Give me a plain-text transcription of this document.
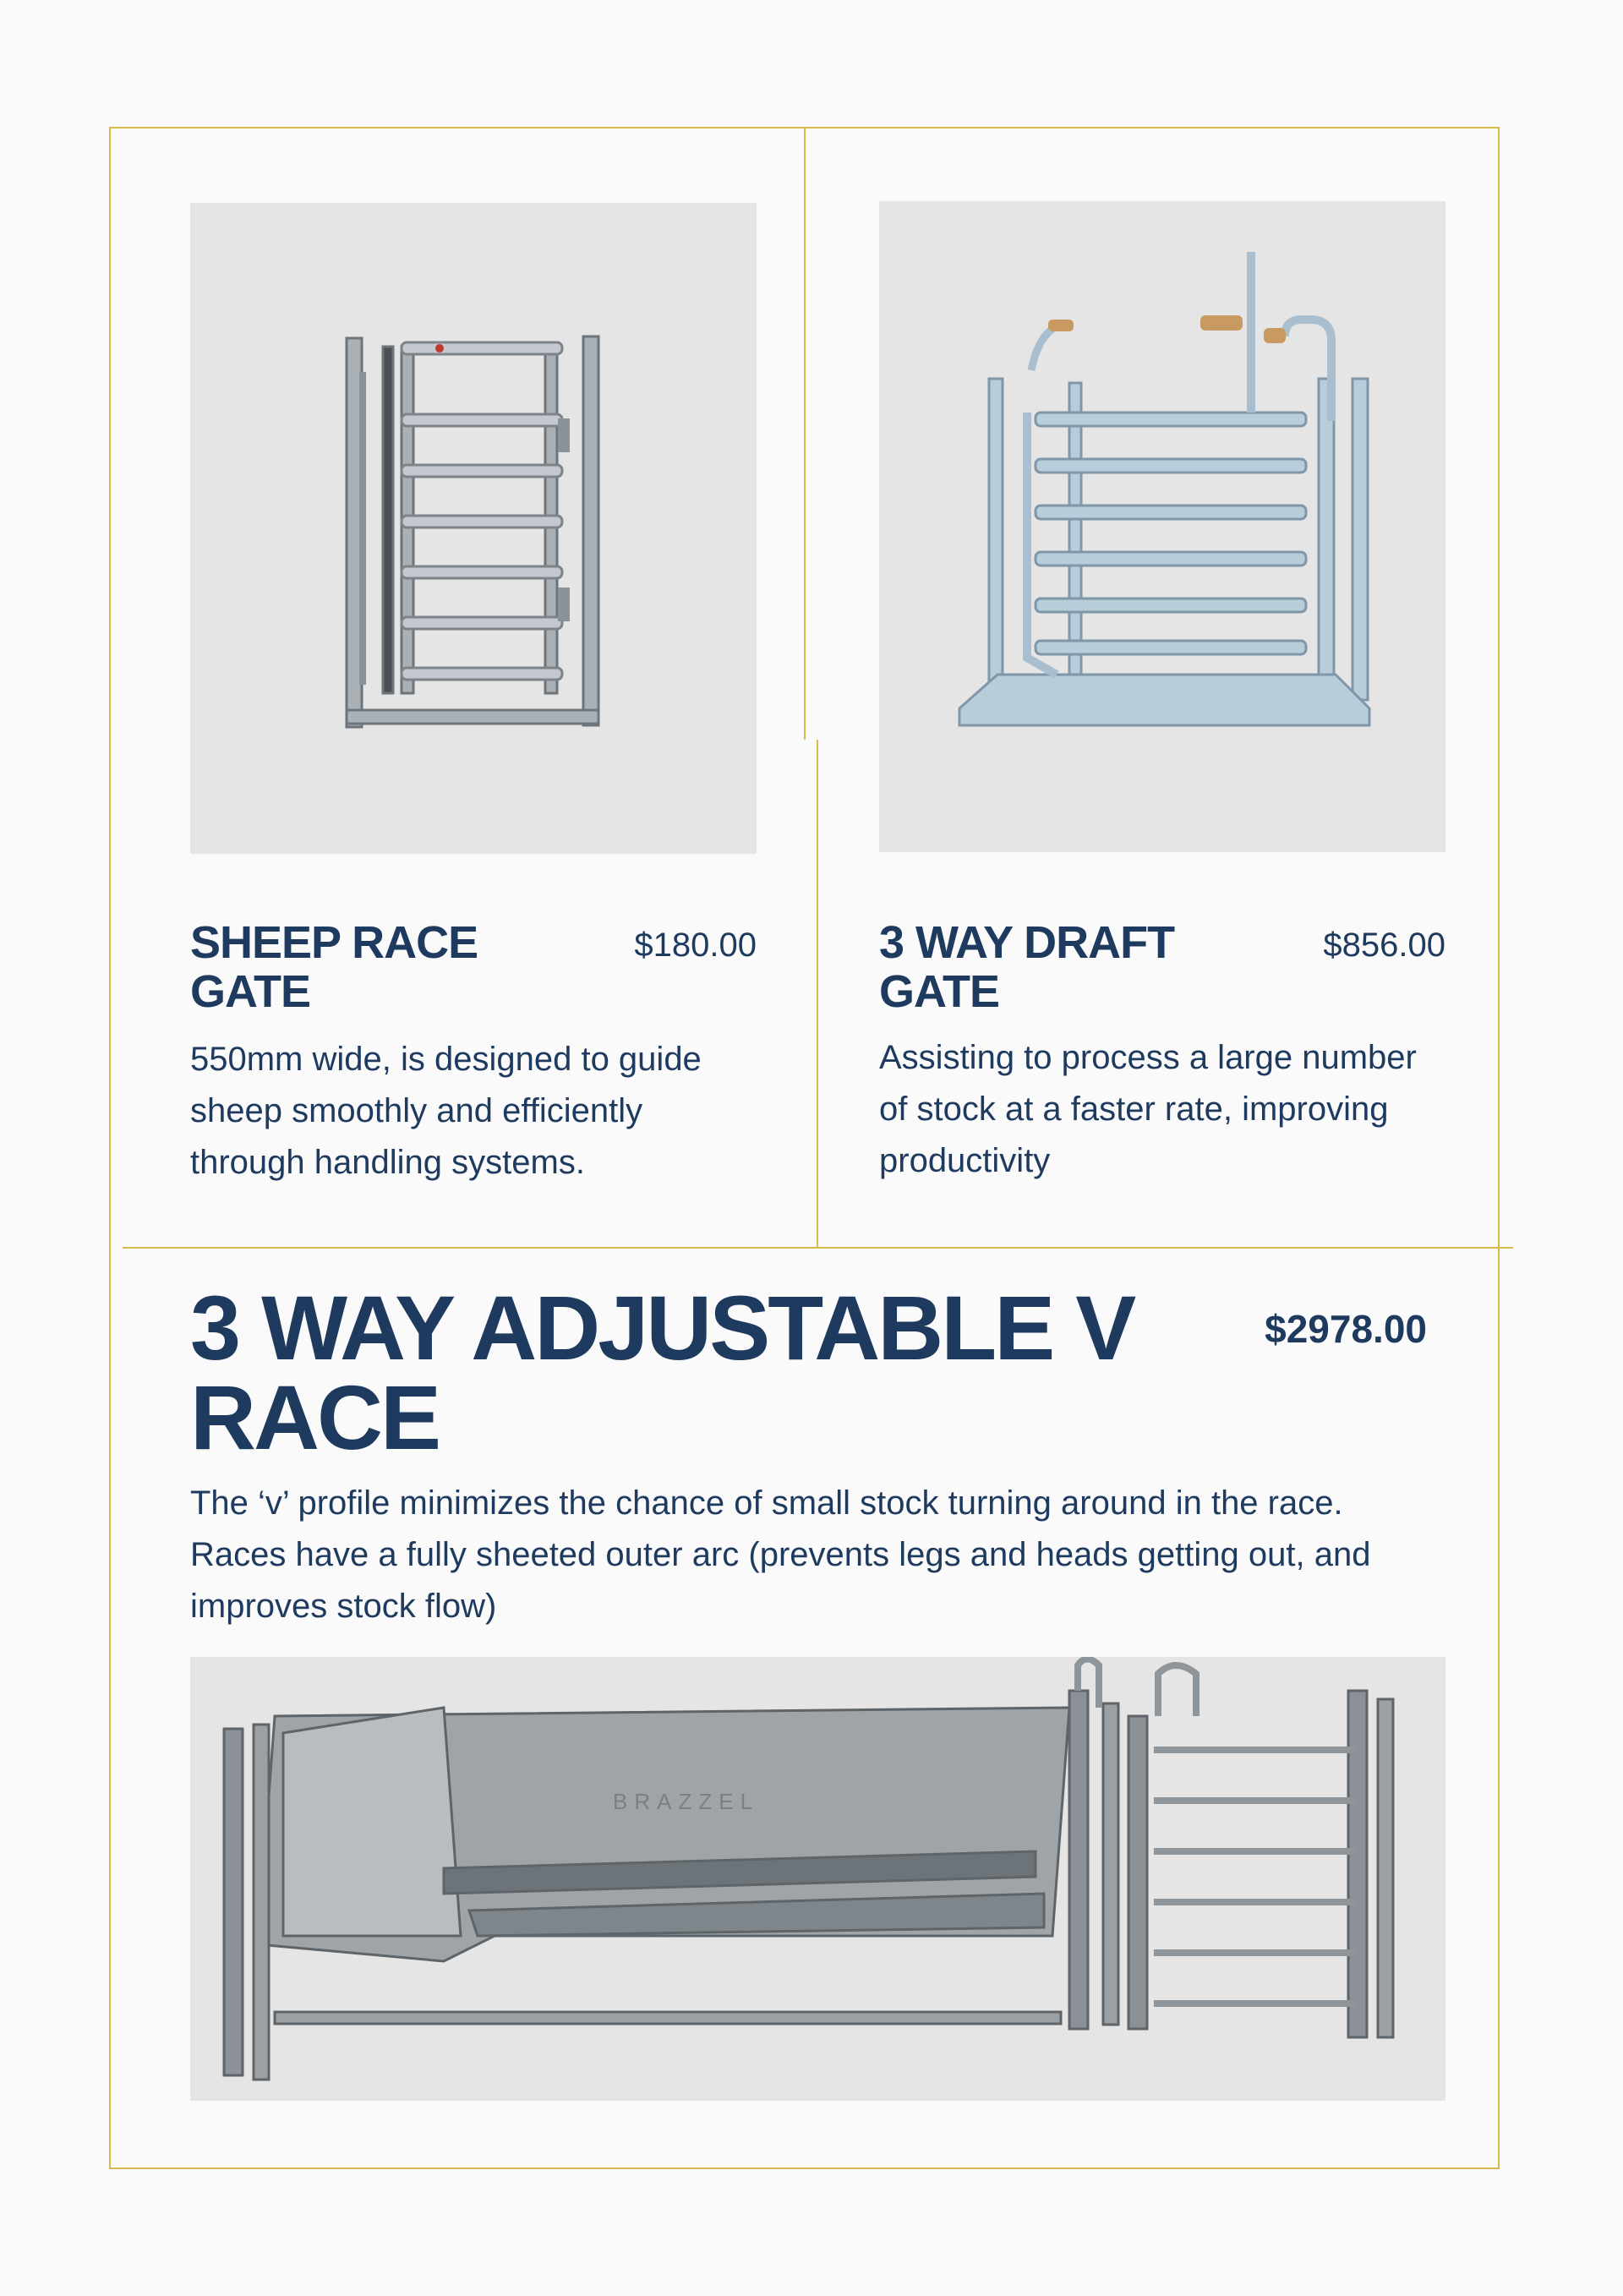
SHEEP RACE GATE
$180.00
550mm wide, is designed to guide sheep smoothly and efficiently through handling systems.
3 WAY DRAFT GATE
$856.00
Assisting to process a large number of stock at a faster rate, improving productivity
3 WAY ADJUSTABLE V RACE
$2978.00
The ‘v’ profile minimizes the chance of small stock turning around in the race. Races have a fully sheeted outer arc (prevents legs and heads getting out, and improves stock flow)
BRAZZEL
